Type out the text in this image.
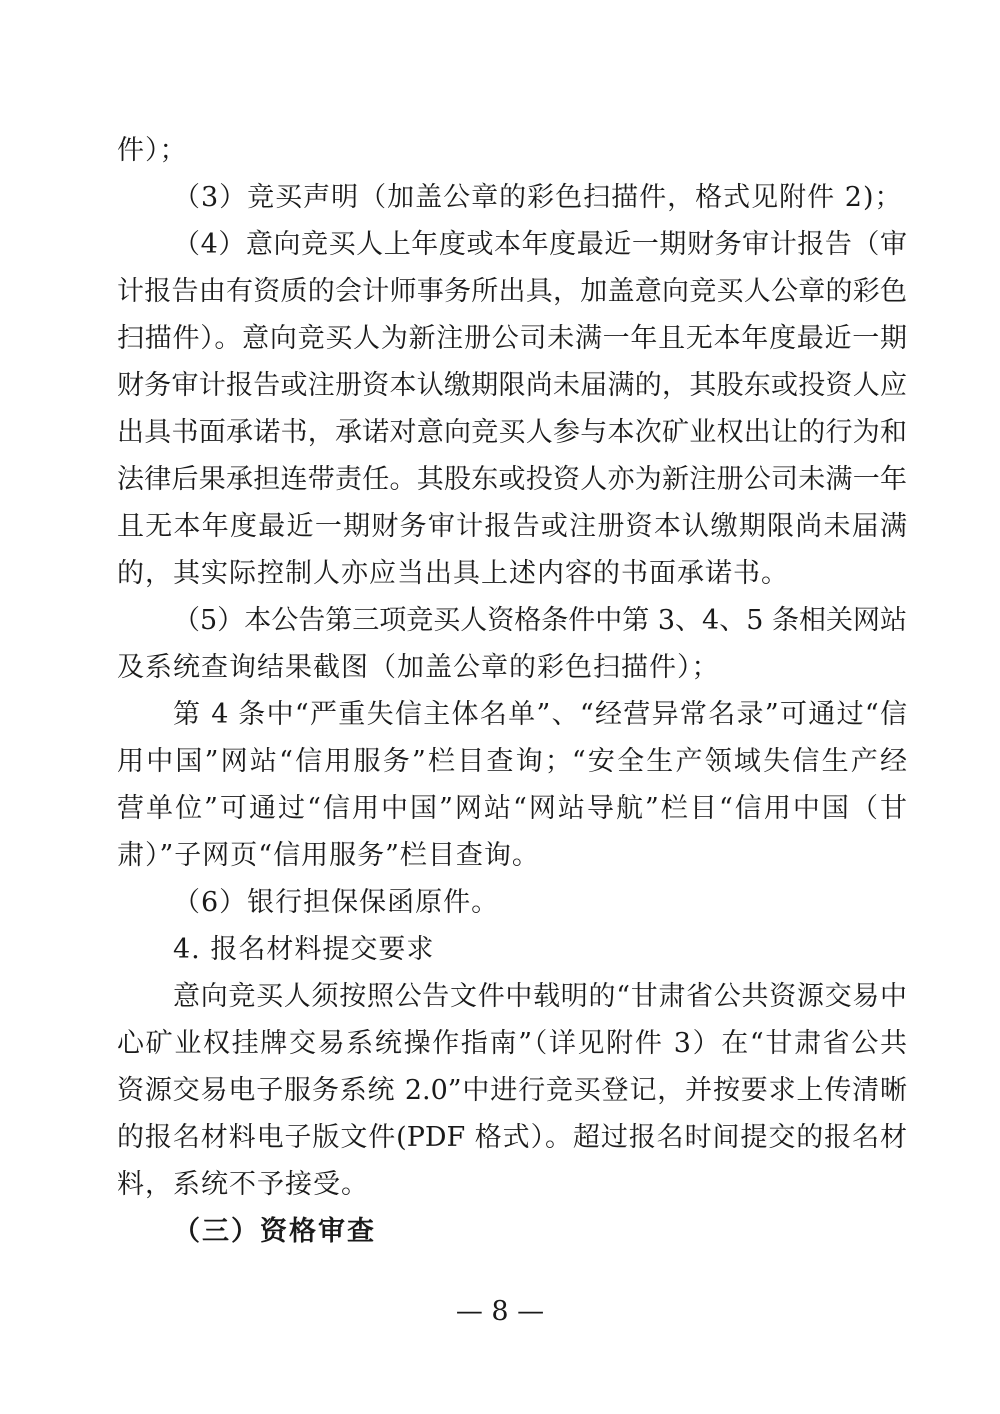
件）；
（3）竞买声明（加盖公章的彩色扫描件，格式见附件 2)；
（4）意向竞买人上年度或本年度最近一期财务审计报告（审
计报告由有资质的会计师事务所出具，加盖意向竞买人公章的彩色
扫描件）。意向竞买人为新注册公司未满一年且无本年度最近一期
财务审计报告或注册资本认缴期限尚未届满的，其股东或投资人应
出具书面承诺书，承诺对意向竞买人参与本次矿业权出让的行为和
法律后果承担连带责任。其股东或投资人亦为新注册公司未满一年
且无本年度最近一期财务审计报告或注册资本认缴期限尚未届满
的，其实际控制人亦应当出具上述内容的书面承诺书。
（5）本公告第三项竞买人资格条件中第 3、4、5 条相关网站
及系统查询结果截图（加盖公章的彩色扫描件）；
第 4 条中“严重失信主体名单”、“经营异常名录”可通过“信
用中国”网站“信用服务”栏目查询；“安全生产领域失信生产经
营单位”可通过“信用中国”网站“网站导航”栏目“信用中国（甘
肃）”子网页“信用服务”栏目查询。
（6）银行担保保函原件。
4. 报名材料提交要求
意向竞买人须按照公告文件中载明的“甘肃省公共资源交易中
心矿业权挂牌交易系统操作指南”（详见附件 3）在“甘肃省公共
资源交易电子服务系统 2.0”中进行竞买登记，并按要求上传清晰
的报名材料电子版文件(PDF 格式）。超过报名时间提交的报名材
料，系统不予接受。
（三）资格审查
— 8 —
